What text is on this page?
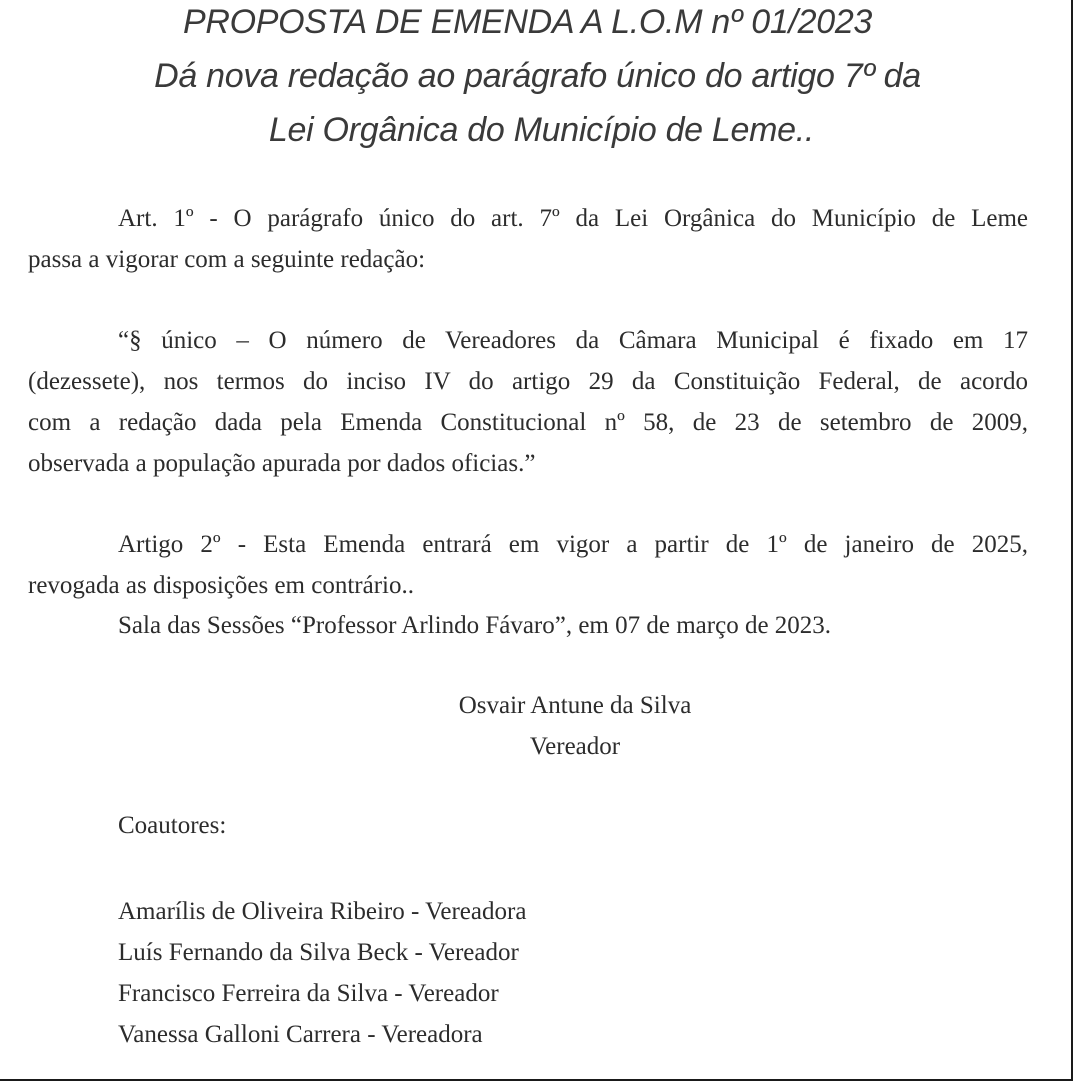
PROPOSTA DE EMENDA A L.O.M nº 01/2023
Dá nova redação ao parágrafo único do artigo 7º da
Lei Orgânica do Município de Leme..
Art. 1º - O parágrafo único do art. 7º da Lei Orgânica do Município de Leme
passa a vigorar com a seguinte redação:
“§ único – O número de Vereadores da Câmara Municipal é fixado em 17
(dezessete), nos termos do inciso IV do artigo 29 da Constituição Federal, de acordo
com a redação dada pela Emenda Constitucional nº 58, de 23 de setembro de 2009,
observada a população apurada por dados oficias.”
Artigo 2º - Esta Emenda entrará em vigor a partir de 1º de janeiro de 2025,
revogada as disposições em contrário..
Sala das Sessões “Professor Arlindo Fávaro”, em 07 de março de 2023.
Osvair Antune da Silva
Vereador
Coautores:
Amarílis de Oliveira Ribeiro - Vereadora
Luís Fernando da Silva Beck - Vereador
Francisco Ferreira da Silva - Vereador
Vanessa Galloni Carrera - Vereadora
